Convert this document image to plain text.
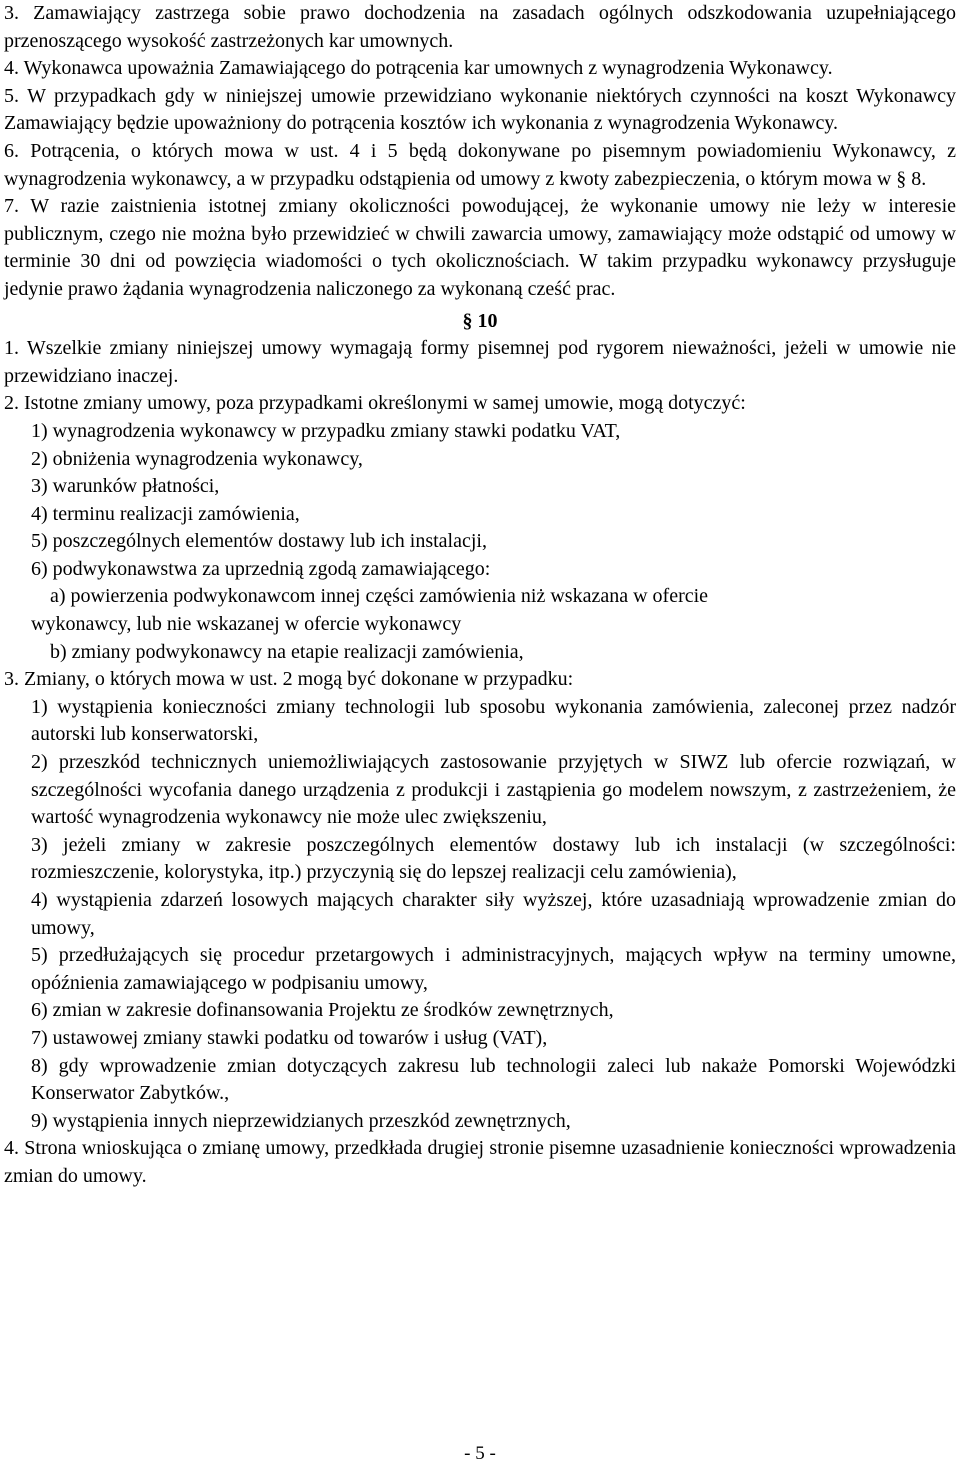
3. Zamawiający zastrzega sobie prawo dochodzenia na zasadach ogólnych odszkodowania uzupełniającego przenoszącego wysokość zastrzeżonych kar umownych.

4. Wykonawca upoważnia Zamawiającego do potrącenia kar umownych z wynagrodzenia Wykonawcy.

5. W przypadkach gdy w niniejszej umowie przewidziano wykonanie niektórych czynności na koszt Wykonawcy Zamawiający będzie upoważniony do potrącenia kosztów ich wykonania z wynagrodzenia Wykonawcy.

6. Potrącenia, o których mowa w ust. 4 i 5 będą dokonywane po pisemnym powiadomieniu Wykonawcy, z wynagrodzenia wykonawcy, a w przypadku odstąpienia od umowy z kwoty zabezpieczenia, o którym mowa w § 8.

7. W razie zaistnienia istotnej zmiany okoliczności powodującej, że wykonanie umowy nie leży w interesie publicznym, czego nie można było przewidzieć w chwili zawarcia umowy, zamawiający może odstąpić od umowy w terminie 30 dni od powzięcia wiadomości o tych okolicznościach. W takim przypadku wykonawcy przysługuje jedynie prawo żądania wynagrodzenia naliczonego za wykonaną cześć prac.

§ 10

1. Wszelkie zmiany niniejszej umowy wymagają formy pisemnej pod rygorem nieważności, jeżeli w umowie nie przewidziano inaczej.

2. Istotne zmiany umowy, poza przypadkami określonymi w samej umowie, mogą dotyczyć:

1) wynagrodzenia wykonawcy w przypadku zmiany stawki podatku VAT,

2) obniżenia wynagrodzenia wykonawcy,

3) warunków płatności,

4) terminu realizacji zamówienia,

5) poszczególnych elementów dostawy lub ich instalacji,

6) podwykonawstwa za uprzednią zgodą zamawiającego:

a) powierzenia podwykonawcom innej części zamówienia niż wskazana w ofercie

wykonawcy, lub nie wskazanej w ofercie wykonawcy

b) zmiany podwykonawcy na etapie realizacji zamówienia,

3. Zmiany, o których mowa w ust. 2 mogą być dokonane w przypadku:

1) wystąpienia konieczności zmiany technologii lub sposobu wykonania zamówienia, zaleconej przez nadzór autorski lub konserwatorski,

2) przeszkód technicznych uniemożliwiających zastosowanie przyjętych w SIWZ lub ofercie rozwiązań, w szczególności wycofania danego urządzenia z produkcji i zastąpienia go modelem nowszym, z zastrzeżeniem, że wartość wynagrodzenia wykonawcy nie może ulec zwiększeniu,

3) jeżeli zmiany w zakresie poszczególnych elementów dostawy lub ich instalacji (w szczególności: rozmieszczenie, kolorystyka, itp.) przyczynią się do lepszej realizacji celu zamówienia),

4) wystąpienia zdarzeń losowych mających charakter siły wyższej, które uzasadniają wprowadzenie zmian do umowy,

5) przedłużających się procedur przetargowych i administracyjnych, mających wpływ na terminy umowne, opóźnienia zamawiającego w podpisaniu umowy,

6) zmian w zakresie dofinansowania Projektu ze środków zewnętrznych,

7) ustawowej zmiany stawki podatku od towarów i usług (VAT),

8) gdy wprowadzenie zmian dotyczących zakresu lub technologii zaleci lub nakaże Pomorski Wojewódzki Konserwator Zabytków.,

9) wystąpienia innych nieprzewidzianych przeszkód zewnętrznych,

4. Strona wnioskująca o zmianę umowy, przedkłada drugiej stronie pisemne uzasadnienie konieczności wprowadzenia zmian do umowy.

- 5 -
